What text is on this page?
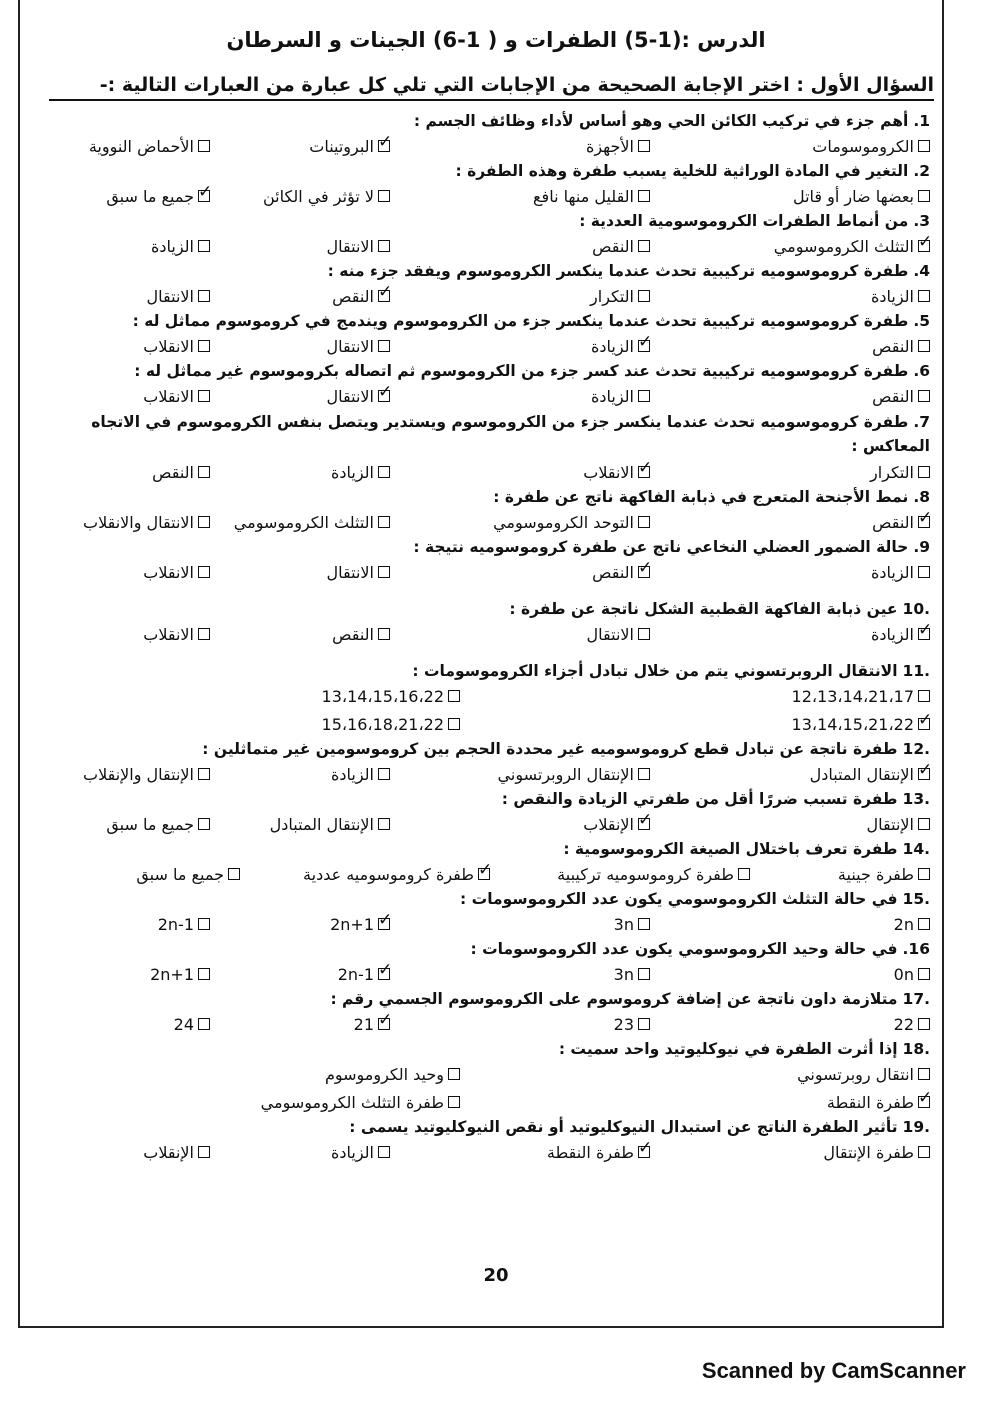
الدرس :(1-5) الطفرات و ( 1-6) الجينات و السرطان
السؤال الأول : اختر الإجابة الصحيحة من الإجابات التي تلي كل عبارة من العبارات التالية :-
1.أهم جزء في تركيب الكائن الحي وهو أساس لأداء وظائف الجسم :
الكروموسومات
الأجهزة
✓البروتينات
الأحماض النووية
2.التغير في المادة الوراثية للخلية يسبب طفرة وهذه الطفرة :
بعضها ضار أو قاتل
القليل منها نافع
لا تؤثر في الكائن
✓جميع ما سبق
3.من أنماط الطفرات الكروموسومية العددية :
✓التثلث الكروموسومي
النقص
الانتقال
الزيادة
4.طفرة كروموسوميه تركيبية تحدث عندما ينكسر الكروموسوم ويفقد جزء منه :
الزيادة
التكرار
✓النقص
الانتقال
5.طفرة كروموسوميه تركيبية تحدث عندما ينكسر جزء من الكروموسوم ويندمج في كروموسوم مماثل له :
النقص
✓الزيادة
الانتقال
الانقلاب
6.طفرة كروموسوميه تركيبية تحدث عند كسر جزء من الكروموسوم ثم اتصاله بكروموسوم غير مماثل له :
النقص
الزيادة
✓الانتقال
الانقلاب
7.طفرة كروموسوميه تحدث عندما ينكسر جزء من الكروموسوم ويستدير ويتصل بنفس الكروموسوم في الاتجاه المعاكس :
التكرار
✓الانقلاب
الزيادة
النقص
8.نمط الأجنحة المتعرج في ذبابة الفاكهة ناتج عن طفرة :
✓النقص
التوحد الكروموسومي
التثلث الكروموسومي
الانتقال والانقلاب
9.حالة الضمور العضلي النخاعي ناتج عن طفرة كروموسوميه نتيجة :
الزيادة
✓النقص
الانتقال
الانقلاب
.10عين ذبابة الفاكهة القطبية الشكل ناتجة عن طفرة :
✓الزيادة
الانتقال
النقص
الانقلاب
.11الانتقال الروبرتسوني يتم من خلال تبادل أجزاء الكروموسومات :
12،13،14،21،17
13،14،15،16،22
✓13،14،15،21،22
15،16،18،21،22
.12طفرة ناتجة عن تبادل قطع كروموسوميه غير محددة الحجم بين كروموسومين غير متماثلين :
✓الإنتقال المتبادل
الإنتقال الروبرتسوني
الزيادة
الإنتقال والإنقلاب
.13طفرة تسبب ضررًا أقل من طفرتي الزيادة والنقص :
الإنتقال
✓الإنقلاب
الإنتقال المتبادل
جميع ما سبق
.14طفرة تعرف باختلال الصيغة الكروموسومية :
طفرة جينية
طفرة كروموسوميه تركيبية
✓طفرة كروموسوميه عددية
جميع ما سبق
.15في حالة التثلث الكروموسومي يكون عدد الكروموسومات :
2n
3n
✓2n+1
2n-1
16.في حالة وحيد الكروموسومي يكون عدد الكروموسومات :
0n
3n
✓2n-1
2n+1
.17متلازمة داون ناتجة عن إضافة كروموسوم على الكروموسوم الجسمي رقم :
22
23
✓21
24
.18إذا أثرت الطفرة في نيوكليوتيد واحد سميت :
انتقال روبرتسوني
وحيد الكروموسوم
✓طفرة النقطة
طفرة التثلث الكروموسومي
.19تأثير الطفرة الناتج عن استبدال النيوكليوتيد أو نقص النيوكليوتيد يسمى :
طفرة الإنتقال
✓طفرة النقطة
الزيادة
الإنقلاب
20
Scanned by CamScanner
